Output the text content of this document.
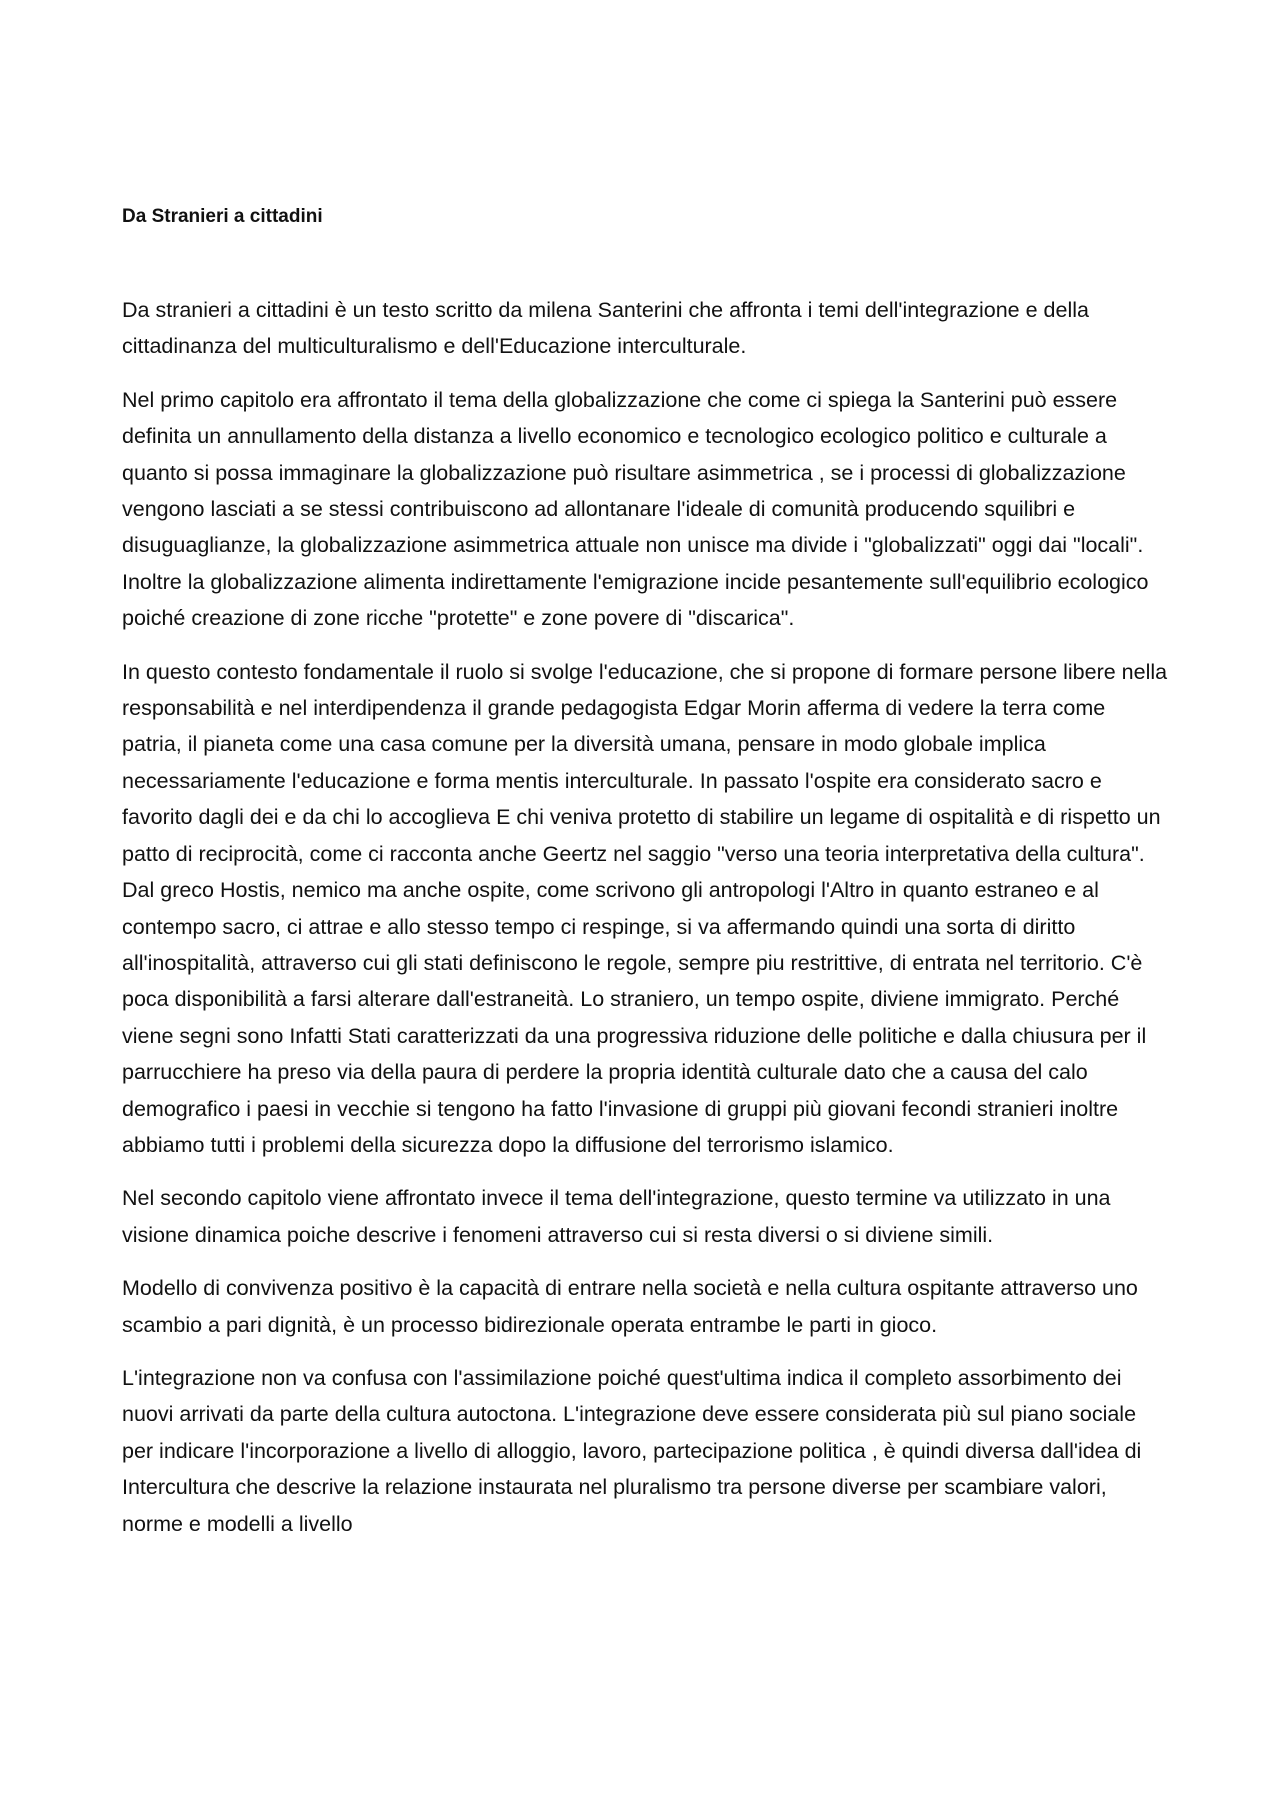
Da Stranieri a cittadini

Da stranieri a cittadini è un testo scritto da milena Santerini che affronta i temi dell'integrazione e della cittadinanza del multiculturalismo e dell'Educazione interculturale.

Nel primo capitolo era affrontato il tema della globalizzazione che come ci spiega la Santerini può essere definita un annullamento della distanza a livello economico e tecnologico ecologico politico e culturale a quanto si possa immaginare la globalizzazione può risultare asimmetrica , se i processi di globalizzazione vengono lasciati a se stessi contribuiscono ad allontanare l'ideale di comunità producendo squilibri e disuguaglianze, la globalizzazione asimmetrica attuale non unisce ma divide i "globalizzati" oggi dai "locali". Inoltre la globalizzazione alimenta indirettamente l'emigrazione incide pesantemente sull'equilibrio ecologico poiché creazione di zone ricche "protette" e zone povere di "discarica".

In questo contesto fondamentale il ruolo si svolge l'educazione, che si propone di formare persone libere nella responsabilità e nel interdipendenza il grande pedagogista Edgar Morin afferma di vedere la terra come patria, il pianeta come una casa comune per la diversità umana, pensare in modo globale implica necessariamente l'educazione e forma mentis interculturale. In passato l'ospite era considerato sacro e favorito dagli dei e da chi lo accoglieva E chi veniva protetto di stabilire un legame di ospitalità e di rispetto un patto di reciprocità, come ci racconta anche Geertz nel saggio "verso una teoria interpretativa della cultura". Dal greco Hostis, nemico ma anche ospite, come scrivono gli antropologi l'Altro in quanto estraneo e al contempo sacro, ci attrae e allo stesso tempo ci respinge, si va affermando quindi una sorta di diritto all'inospitalità, attraverso cui gli stati definiscono le regole, sempre piu restrittive, di entrata nel territorio. C'è poca disponibilità a farsi alterare dall'estraneità. Lo straniero, un tempo ospite, diviene immigrato. Perché viene segni sono Infatti Stati caratterizzati da una progressiva riduzione delle politiche e dalla chiusura per il parrucchiere ha preso via della paura di perdere la propria identità culturale dato che a causa del calo demografico i paesi in vecchie si tengono ha fatto l'invasione di gruppi più giovani fecondi stranieri inoltre abbiamo tutti i problemi della sicurezza dopo la diffusione del terrorismo islamico.

Nel secondo capitolo viene affrontato invece il tema dell'integrazione, questo termine va utilizzato in una visione dinamica poiche descrive i fenomeni attraverso cui si resta diversi o si diviene simili.

Modello di convivenza positivo è la capacità di entrare nella società e nella cultura ospitante attraverso uno scambio a pari dignità, è un processo bidirezionale operata entrambe le parti in gioco.

L'integrazione non va confusa con l'assimilazione poiché quest'ultima indica il completo assorbimento dei nuovi arrivati da parte della cultura autoctona. L'integrazione deve essere considerata più sul piano sociale per indicare l'incorporazione a livello di alloggio, lavoro, partecipazione politica , è quindi diversa dall'idea di Intercultura che descrive la relazione instaurata nel pluralismo tra persone diverse per scambiare valori, norme e modelli a livello
